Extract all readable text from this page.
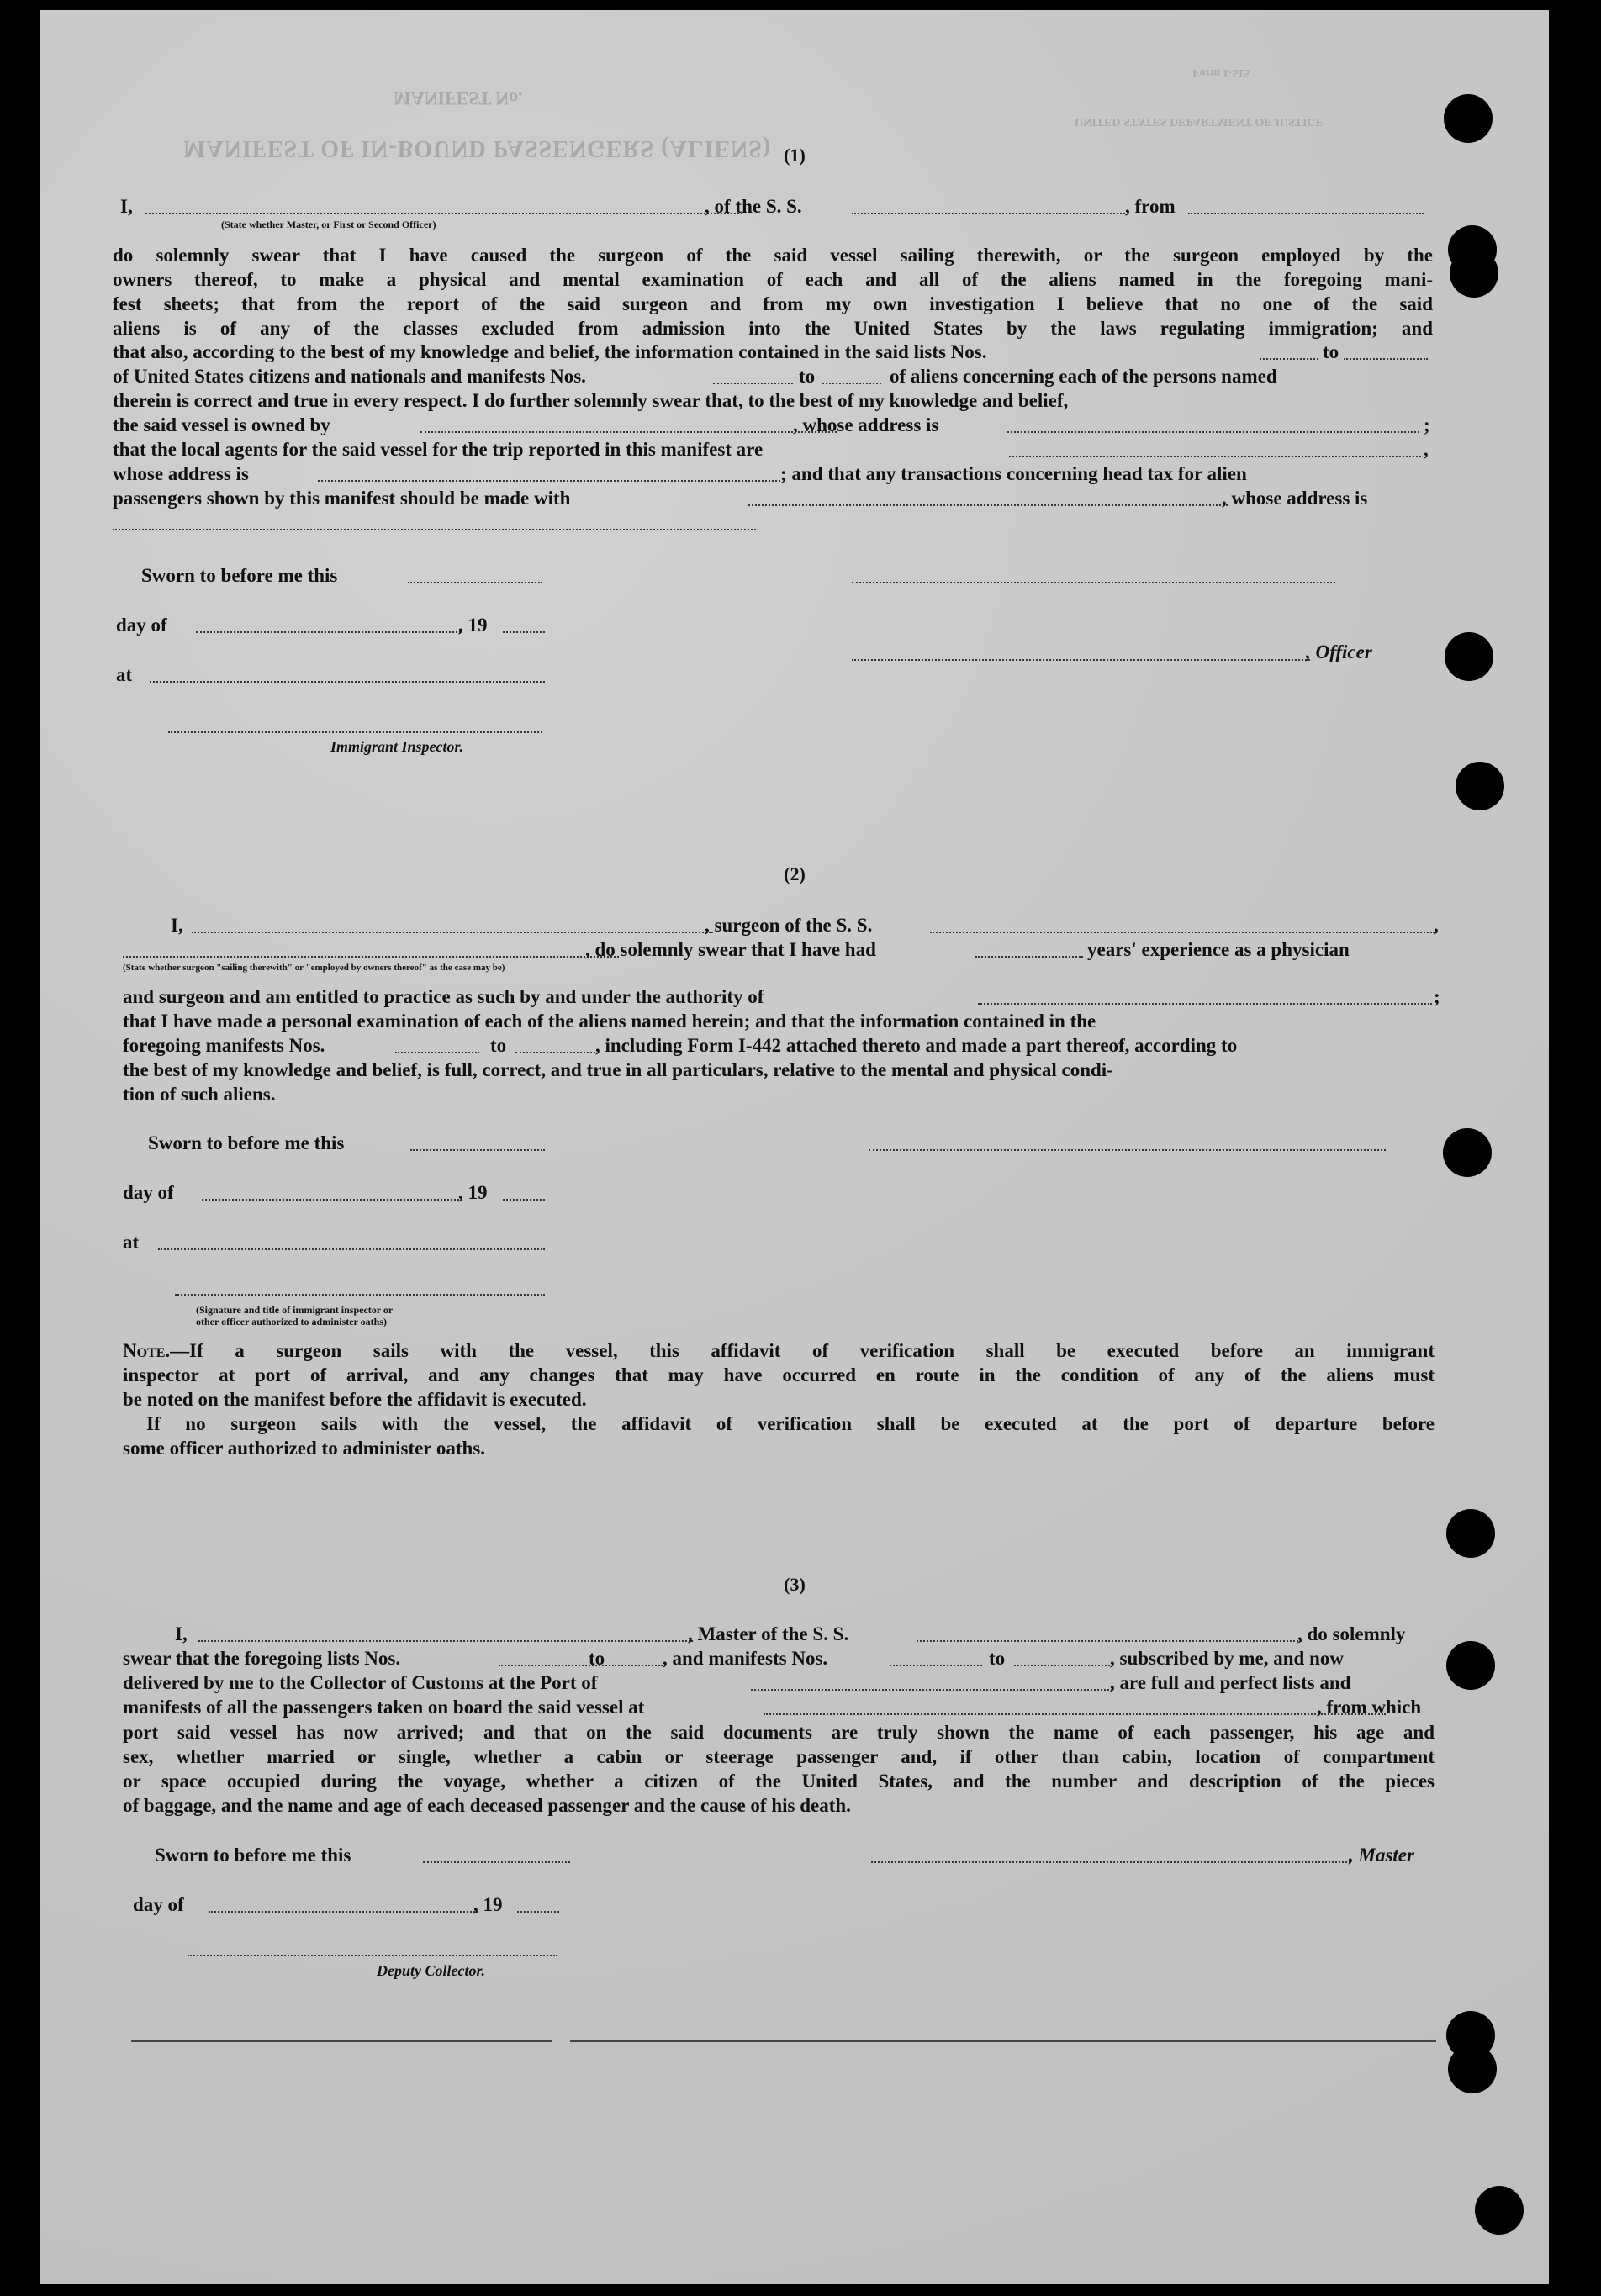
MANIFEST No.
MANIFEST OF IN-BOUND PASSENGERS (ALIENS)
Form I-515
UNITED STATES DEPARTMENT OF JUSTICE
(1)
I,	, of the S. S.	, from
(State whether Master, or First or Second Officer)

do solemnly swear that I have caused the surgeon of the said vessel sailing therewith, or the surgeon employed by the

owners thereof, to make a physical and mental examination of each and all of the aliens named in the foregoing mani-

fest sheets; that from the report of the said surgeon and from my own investigation I believe that no one of the said

aliens is of any of the classes excluded from admission into the United States by the laws regulating immigration; and

that also, according to the best of my knowledge and belief, the information contained in the said lists Nos.	to
of United States citizens and nationals and manifests Nos.	to	of aliens concerning each of the persons named
therein is correct and true in every respect. I do further solemnly swear that, to the best of my knowledge and belief,
the said vessel is owned by	, whose address is	;
that the local agents for the said vessel for the trip reported in this manifest are	,
whose address is	; and that any transactions concerning head tax for alien
passengers shown by this manifest should be made with	, whose address is
Sworn to before me this
day of	, 19
, Officer
at
Immigrant Inspector.
(2)
I,	, surgeon of the S. S.	,
, do solemnly swear that I have had	years' experience as a physician
(State whether surgeon "sailing therewith" or "employed by owners thereof" as the case may be)
and surgeon and am entitled to practice as such by and under the authority of	;
that I have made a personal examination of each of the aliens named herein; and that the information contained in the
foregoing manifests Nos.	to	, including Form I-442 attached thereto and made a part thereof, according to
the best of my knowledge and belief, is full, correct, and true in all particulars, relative to the mental and physical condi-
tion of such aliens.
Sworn to before me this
day of	, 19
at
(Signature and title of immigrant inspector or
other officer authorized to administer oaths)

Note.—If a surgeon sails with the vessel, this affidavit of verification shall be executed before an immigrant

inspector at port of arrival, and any changes that may have occurred en route in the condition of any of the aliens must

be noted on the manifest before the affidavit is executed.

If no surgeon sails with the vessel, the affidavit of verification shall be executed at the port of departure before

some officer authorized to administer oaths.

(3)
I,	, Master of the S. S.	, do solemnly
swear that the foregoing lists Nos.	to	, and manifests Nos.	to	, subscribed by me, and now
delivered by me to the Collector of Customs at the Port of	, are full and perfect lists and
manifests of all the passengers taken on board the said vessel at	, from which

port said vessel has now arrived; and that on the said documents are truly shown the name of each passenger, his age and

sex, whether married or single, whether a cabin or steerage passenger and, if other than cabin, location of compartment

or space occupied during the voyage, whether a citizen of the United States, and the number and description of the pieces

of baggage, and the name and age of each deceased passenger and the cause of his death.

Sworn to before me this	, Master
day of	, 19
Deputy Collector.
